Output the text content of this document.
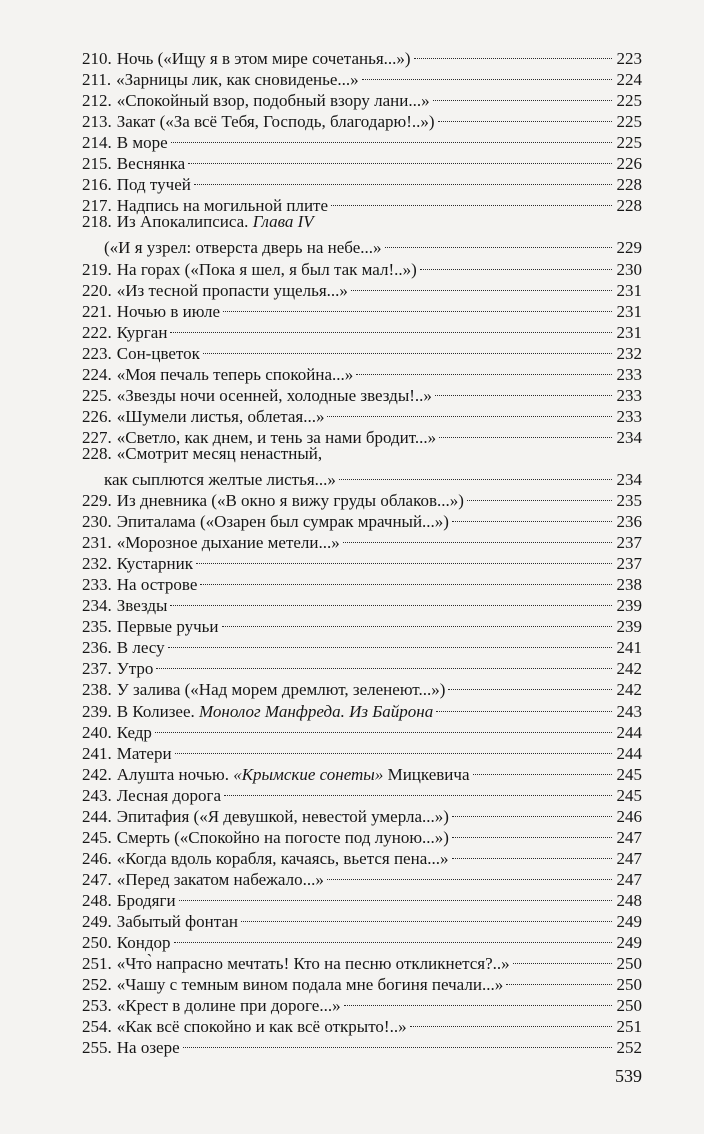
210. Ночь («Ищу я в этом мире сочетанья...»)	223
211. «Зарницы лик, как сновиденье...»	224
212. «Спокойный взор, подобный взору лани...»	225
213. Закат («За всё Тебя, Господь, благодарю!..»)	225
214. В море	225
215. Веснянка	226
216. Под тучей	228
217. Надпись на могильной плите	228
218. Из Апокалипсиса. Глава IV
(«И я узрел: отверста дверь на небе...»	229
219. На горах («Пока я шел, я был так мал!..»)	230
220. «Из тесной пропасти ущелья...»	231
221. Ночью в июле	231
222. Курган	231
223. Сон-цветок	232
224. «Моя печаль теперь спокойна...»	233
225. «Звезды ночи осенней, холодные звезды!..»	233
226. «Шумели листья, облетая...»	233
227. «Светло, как днем, и тень за нами бродит...»	234
228. «Смотрит месяц ненастный,
как сыплются желтые листья...»	234
229. Из дневника («В окно я вижу груды облаков...»)	235
230. Эпиталама («Озарен был сумрак мрачный...»)	236
231. «Морозное дыхание метели...»	237
232. Кустарник	237
233. На острове	238
234. Звезды	239
235. Первые ручьи	239
236. В лесу	241
237. Утро	242
238. У залива («Над морем дремлют, зеленеют...»)	242
239. В Колизее. Монолог Манфреда. Из Байрона	243
240. Кедр	244
241. Матери	244
242. Алушта ночью. «Крымские сонеты» Мицкевича	245
243. Лесная дорога	245
244. Эпитафия («Я девушкой, невестой умерла...»)	246
245. Смерть («Спокойно на погосте под луною...»)	247
246. «Когда вдоль корабля, качаясь, вьется пена...»	247
247. «Перед закатом набежало...»	247
248. Бродяги	248
249. Забытый фонтан	249
250. Кондор	249
251. «Что̀ напрасно мечтать! Кто на песню откликнется?..»	250
252. «Чашу с темным вином подала мне богиня печали...»	250
253. «Крест в долине при дороге...»	250
254. «Как всё спокойно и как всё открыто!..»	251
255. На озере	252
539
